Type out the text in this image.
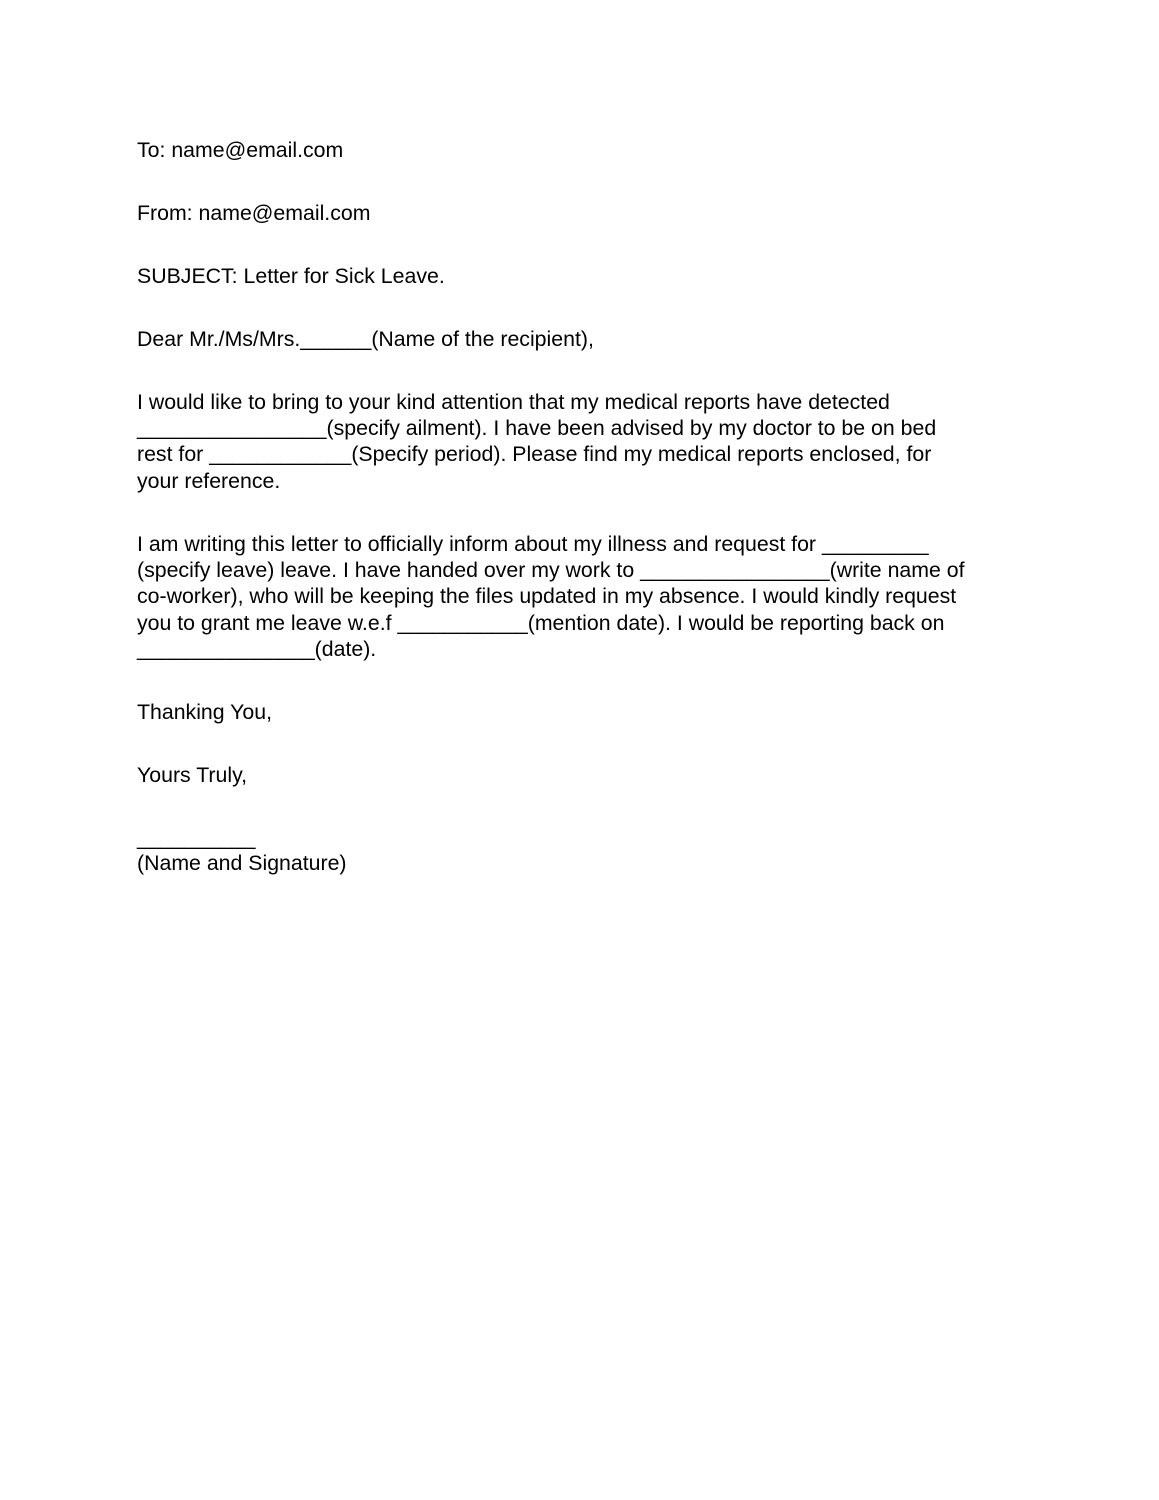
To: name@email.com
From: name@email.com
SUBJECT: Letter for Sick Leave.
Dear Mr./Ms/Mrs.______(Name of the recipient),
I would like to bring to your kind attention that my medical reports have detected
________________(specify ailment). I have been advised by my doctor to be on bed
rest for ____________(Specify period). Please find my medical reports enclosed, for
your reference.
I am writing this letter to officially inform about my illness and request for _________
(specify leave) leave. I have handed over my work to ________________(write name of
co-worker), who will be keeping the files updated in my absence. I would kindly request
you to grant me leave w.e.f ___________(mention date). I would be reporting back on
_______________(date).
Thanking You,
Yours Truly,
__________
(Name and Signature)
